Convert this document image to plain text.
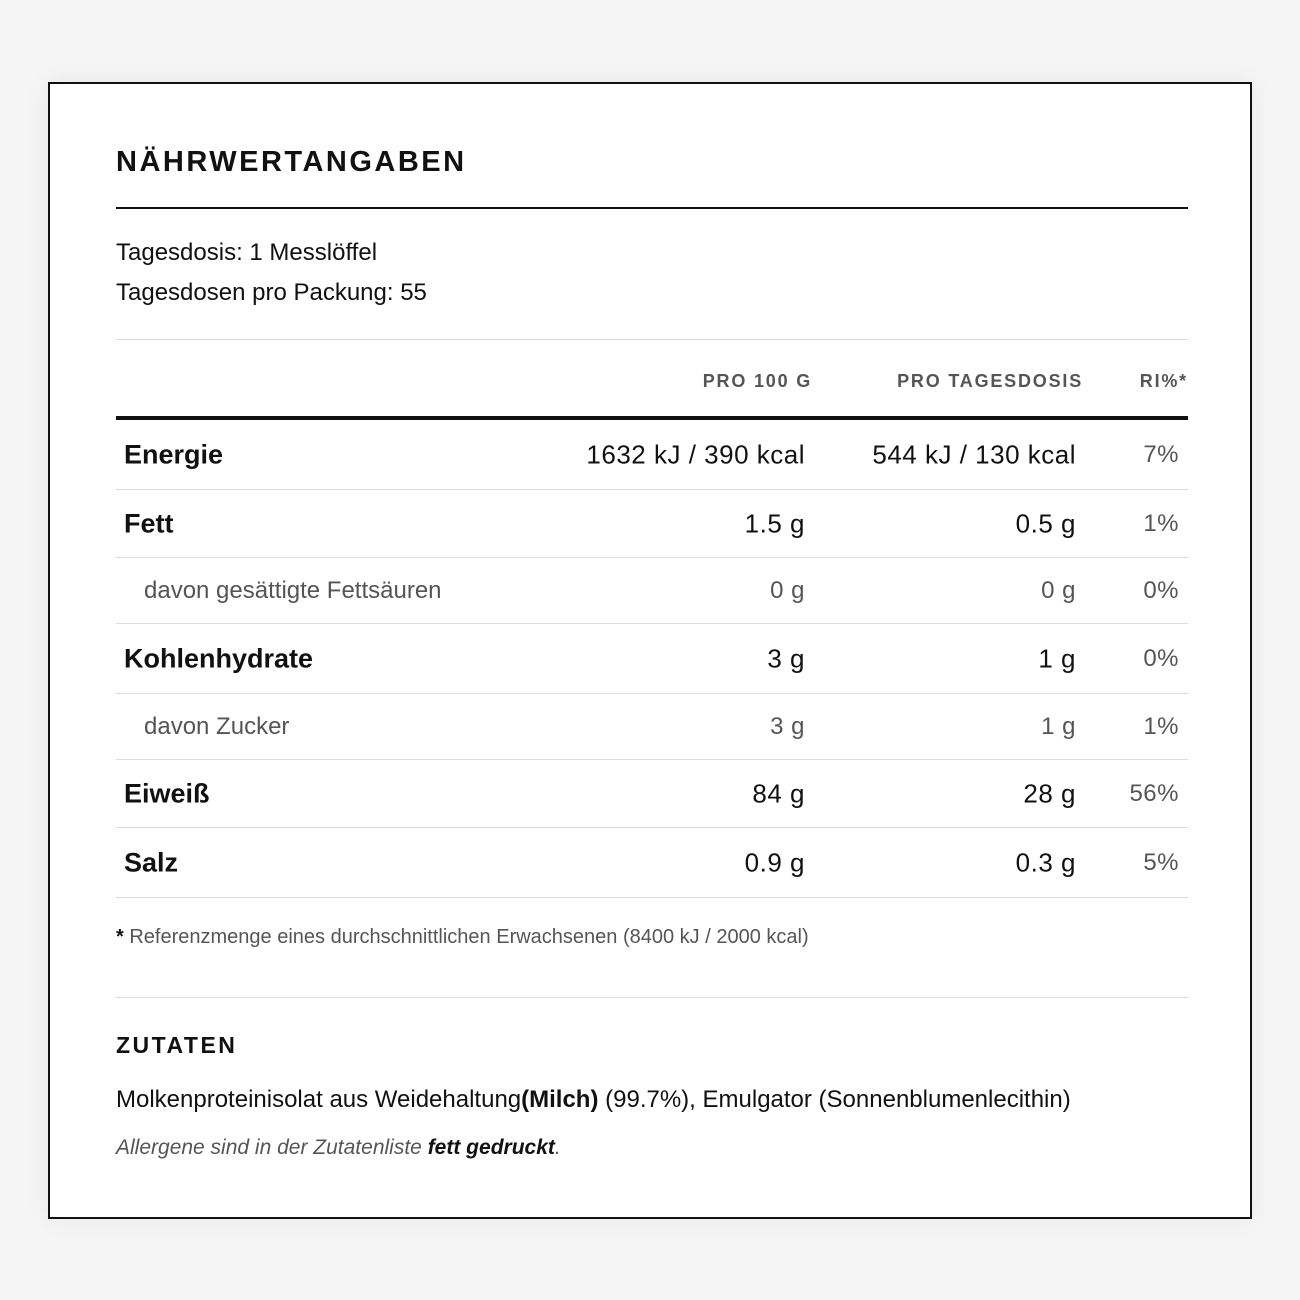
NÄHRWERTANGABEN
Tagesdosis: 1 Messlöffel
Tagesdosen pro Packung: 55
PRO 100 G	PRO TAGESDOSIS	RI%*
Energie	1632 kJ / 390 kcal	544 kJ / 130 kcal	7%
Fett	1.5 g	0.5 g	1%
davon gesättigte Fettsäuren	0 g	0 g	0%
Kohlenhydrate	3 g	1 g	0%
davon Zucker	3 g	1 g	1%
Eiweiß	84 g	28 g 56%
Salz	0.9 g	0.3 g	5%
* Referenzmenge eines durchschnittlichen Erwachsenen (8400 kJ / 2000 kcal)
ZUTATEN
Molkenproteinisolat aus Weidehaltung(Milch) (99.7%), Emulgator (Sonnenblumenlecithin)
Allergene sind in der Zutatenliste fett gedruckt.
